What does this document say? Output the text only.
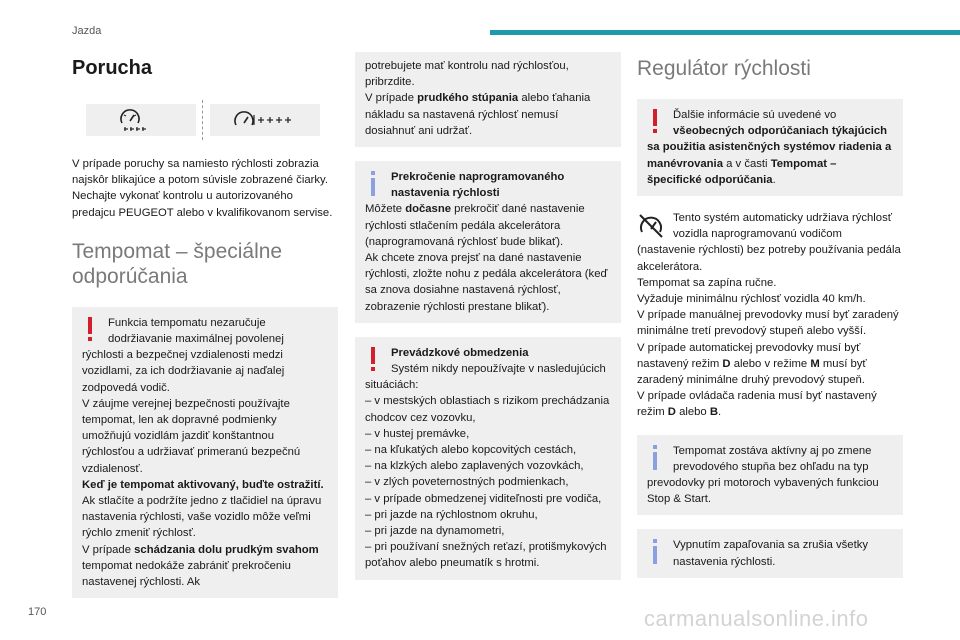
Jazda
Porucha

V prípade poruchy sa namiesto rýchlosti zobrazia najskôr blikajúce a potom súvisle zobrazené čiarky.

Nechajte vykonať kontrolu u autorizovaného predajcu PEUGEOT alebo v kvalifikovanom servise.

Tempomat – špeciálne odporúčania

Funkcia tempomatu nezaručuje dodržiavanie maximálnej povolenej rýchlosti a bezpečnej vzdialenosti medzi vozidlami, za ich dodržiavanie aj naďalej zodpovedá vodič.

V záujme verejnej bezpečnosti používajte tempomat, len ak dopravné podmienky umožňujú vozidlám jazdiť konštantnou rýchlosťou a udržiavať primeranú bezpečnú vzdialenosť.

Keď je tempomat aktivovaný, buďte ostražití. Ak stlačíte a podržíte jedno z tlačidiel na úpravu nastavenia rýchlosti, vaše vozidlo môže veľmi rýchlo zmeniť rýchlosť.

V prípade schádzania dolu prudkým svahom tempomat nedokáže zabrániť prekročeniu nastavenej rýchlosti. Ak

potrebujete mať kontrolu nad rýchlosťou, pribrzdite.

V prípade prudkého stúpania alebo ťahania nákladu sa nastavená rýchlosť nemusí dosiahnuť ani udržať.

Prekročenie naprogramovaného nastavenia rýchlosti

Môžete dočasne prekročiť dané nastavenie rýchlosti stlačením pedála akcelerátora (naprogramovaná rýchlosť bude blikať).

Ak chcete znova prejsť na dané nastavenie rýchlosti, zložte nohu z pedála akcelerátora (keď sa znova dosiahne nastavená rýchlosť, zobrazenie rýchlosti prestane blikať).

Prevádzkové obmedzenia

Systém nikdy nepoužívajte v nasledujúcich situáciách:

– v mestských oblastiach s rizikom prechádzania chodcov cez vozovku,

– v hustej premávke,

– na kľukatých alebo kopcovitých cestách,

– na klzkých alebo zaplavených vozovkách,

– v zlých poveternostných podmienkach,

– v prípade obmedzenej viditeľnosti pre vodiča,

– pri jazde na rýchlostnom okruhu,

– pri jazde na dynamometri,

– pri používaní snežných reťazí, protišmykových poťahov alebo pneumatík s hrotmi.

Regulátor rýchlosti

Ďalšie informácie sú uvedené vo všeobecných odporúčaniach týkajúcich sa použitia asistenčných systémov riadenia a manévrovania a v časti Tempomat – špecifické odporúčania.

Tento systém automaticky udržiava rýchlosť vozidla naprogramovanú vodičom (nastavenie rýchlosti) bez potreby používania pedála akcelerátora.

Tempomat sa zapína ručne.

Vyžaduje minimálnu rýchlosť vozidla 40 km/h.

V prípade manuálnej prevodovky musí byť zaradený minimálne tretí prevodový stupeň alebo vyšší.

V prípade automatickej prevodovky musí byť nastavený režim D alebo v režime M musí byť zaradený minimálne druhý prevodový stupeň.

V prípade ovládača radenia musí byť nastavený režim D alebo B.

Tempomat zostáva aktívny aj po zmene prevodového stupňa bez ohľadu na typ prevodovky pri motoroch vybavených funkciou Stop & Start.

Vypnutím zapaľovania sa zrušia všetky nastavenia rýchlosti.

170	carmanualsonline.info
